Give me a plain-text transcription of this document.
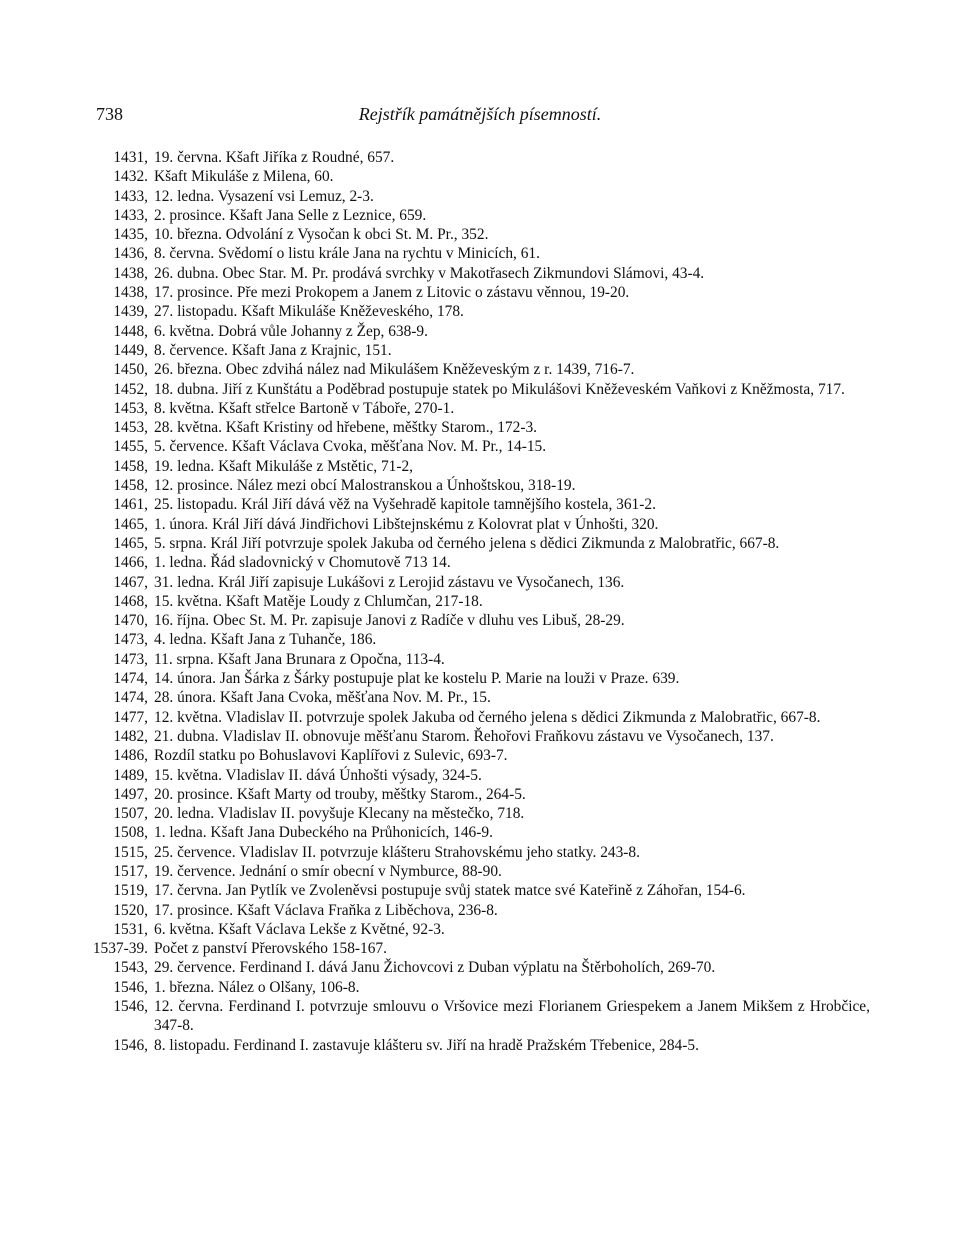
738	Rejstřík památnějších písemností.
1431, 19. června. Kšaft Jiříka z Roudné, 657.
1432. Kšaft Mikuláše z Milena, 60.
1433, 12. ledna. Vysazení vsi Lemuz, 2-3.
1433, 2. prosince. Kšaft Jana Selle z Leznice, 659.
1435, 10. března. Odvolání z Vysočan k obci St. M. Pr., 352.
1436, 8. června. Svědomí o listu krále Jana na rychtu v Minicích, 61.
1438, 26. dubna. Obec Star. M. Pr. prodává svrchky v Makotřasech Zikmundovi Slámovi, 43-4.
1438, 17. prosince. Pře mezi Prokopem a Janem z Litovic o zástavu věnnou, 19-20.
1439, 27. listopadu. Kšaft Mikuláše Kněževeského, 178.
1448, 6. května. Dobrá vůle Johanny z Žep, 638-9.
1449, 8. července. Kšaft Jana z Krajnic, 151.
1450, 26. března. Obec zdvihá nález nad Mikulášem Kněževeským z r. 1439, 716-7.
1452, 18. dubna. Jiří z Kunštátu a Poděbrad postupuje statek po Mikulášovi Kněževeském Vaňkovi z Kněžmosta, 717.
1453, 8. května. Kšaft střelce Bartoně v Táboře, 270-1.
1453, 28. května. Kšaft Kristiny od hřebene, měštky Starom., 172-3.
1455, 5. července. Kšaft Václava Cvoka, měšťana Nov. M. Pr., 14-15.
1458, 19. ledna. Kšaft Mikuláše z Mstětic, 71-2,
1458, 12. prosince. Nález mezi obcí Malostranskou a Únhoštskou, 318-19.
1461, 25. listopadu. Král Jiří dává věž na Vyšehradě kapitole tamnějšího kostela, 361-2.
1465, 1. února. Král Jiří dává Jindřichovi Libštejnskému z Kolovrat plat v Únhošti, 320.
1465, 5. srpna. Král Jiří potvrzuje spolek Jakuba od černého jelena s dědici Zikmunda z Malobratřic, 667-8.
1466, 1. ledna. Řád sladovnický v Chomutově 713 14.
1467, 31. ledna. Král Jiří zapisuje Lukášovi z Lerojid zástavu ve Vysočanech, 136.
1468, 15. května. Kšaft Matěje Loudy z Chlumčan, 217-18.
1470, 16. října. Obec St. M. Pr. zapisuje Janovi z Radíče v dluhu ves Libuš, 28-29.
1473, 4. ledna. Kšaft Jana z Tuhanče, 186.
1473, 11. srpna. Kšaft Jana Brunara z Opočna, 113-4.
1474, 14. února. Jan Šárka z Šárky postupuje plat ke kostelu P. Marie na louži v Praze. 639.
1474, 28. února. Kšaft Jana Cvoka, měšťana Nov. M. Pr., 15.
1477, 12. května. Vladislav II. potvrzuje spolek Jakuba od černého jelena s dědici Zikmunda z Malobratřic, 667-8.
1482, 21. dubna. Vladislav II. obnovuje měšťanu Starom. Řehořovi Fraňkovu zástavu ve Vysočanech, 137.
1486, Rozdíl statku po Bohuslavovi Kaplířovi z Sulevic, 693-7.
1489, 15. května. Vladislav II. dává Únhošti výsady, 324-5.
1497, 20. prosince. Kšaft Marty od trouby, měštky Starom., 264-5.
1507, 20. ledna. Vladislav II. povyšuje Klecany na městečko, 718.
1508, 1. ledna. Kšaft Jana Dubeckého na Průhonicích, 146-9.
1515, 25. července. Vladislav II. potvrzuje klášteru Strahovskému jeho statky. 243-8.
1517, 19. července. Jednání o smír obecní v Nymburce, 88-90.
1519, 17. června. Jan Pytlík ve Zvoleněvsi postupuje svůj statek matce své Kateřině z Záhořan, 154-6.
1520, 17. prosince. Kšaft Václava Fraňka z Liběchova, 236-8.
1531, 6. května. Kšaft Václava Lekše z Květné, 92-3.
1537-39. Počet z panství Přerovského 158-167.
1543, 29. července. Ferdinand I. dává Janu Žichovcovi z Duban výplatu na Štěrboholích, 269-70.
1546, 1. března. Nález o Olšany, 106-8.
1546, 12. června. Ferdinand I. potvrzuje smlouvu o Vršovice mezi Florianem Griespekem a Janem Mikšem z Hrobčice, 347-8.
1546, 8. listopadu. Ferdinand I. zastavuje klášteru sv. Jiří na hradě Pražském Třebenice, 284-5.
